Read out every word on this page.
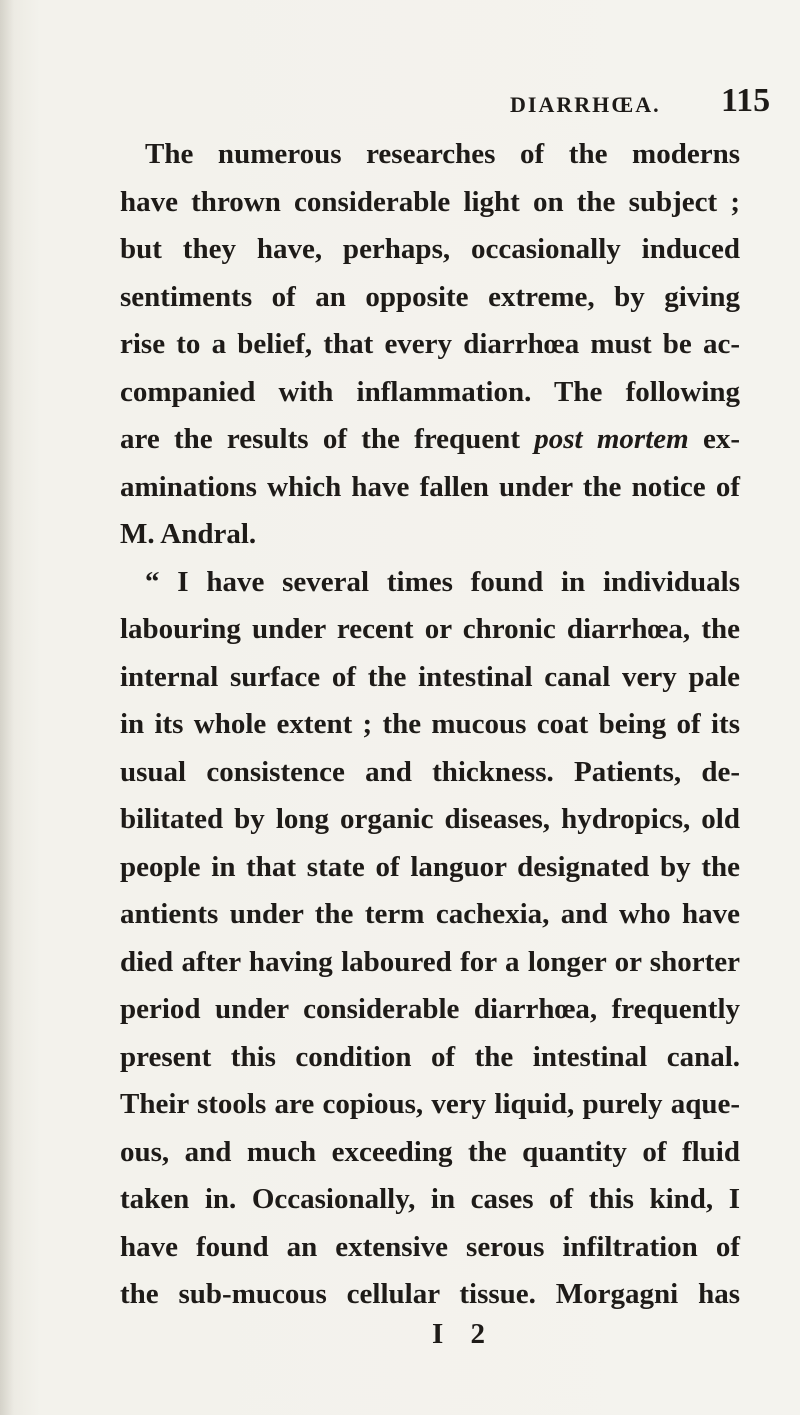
DIARRHŒA. 115
The numerous researches of the moderns
have thrown considerable light on the subject ;
but they have, perhaps, occasionally induced
sentiments of an opposite extreme, by giving
rise to a belief, that every diarrhœa must be ac-
companied with inflammation. The following
are the results of the frequent post mortem ex-
aminations which have fallen under the notice of
M. Andral.
“ I have several times found in individuals
labouring under recent or chronic diarrhœa, the
internal surface of the intestinal canal very pale
in its whole extent ; the mucous coat being of its
usual consistence and thickness. Patients, de-
bilitated by long organic diseases, hydropics, old
people in that state of languor designated by the
antients under the term cachexia, and who have
died after having laboured for a longer or shorter
period under considerable diarrhœa, frequently
present this condition of the intestinal canal.
Their stools are copious, very liquid, purely aque-
ous, and much exceeding the quantity of fluid
taken in. Occasionally, in cases of this kind, I
have found an extensive serous infiltration of
the sub-mucous cellular tissue. Morgagni has
I 2
